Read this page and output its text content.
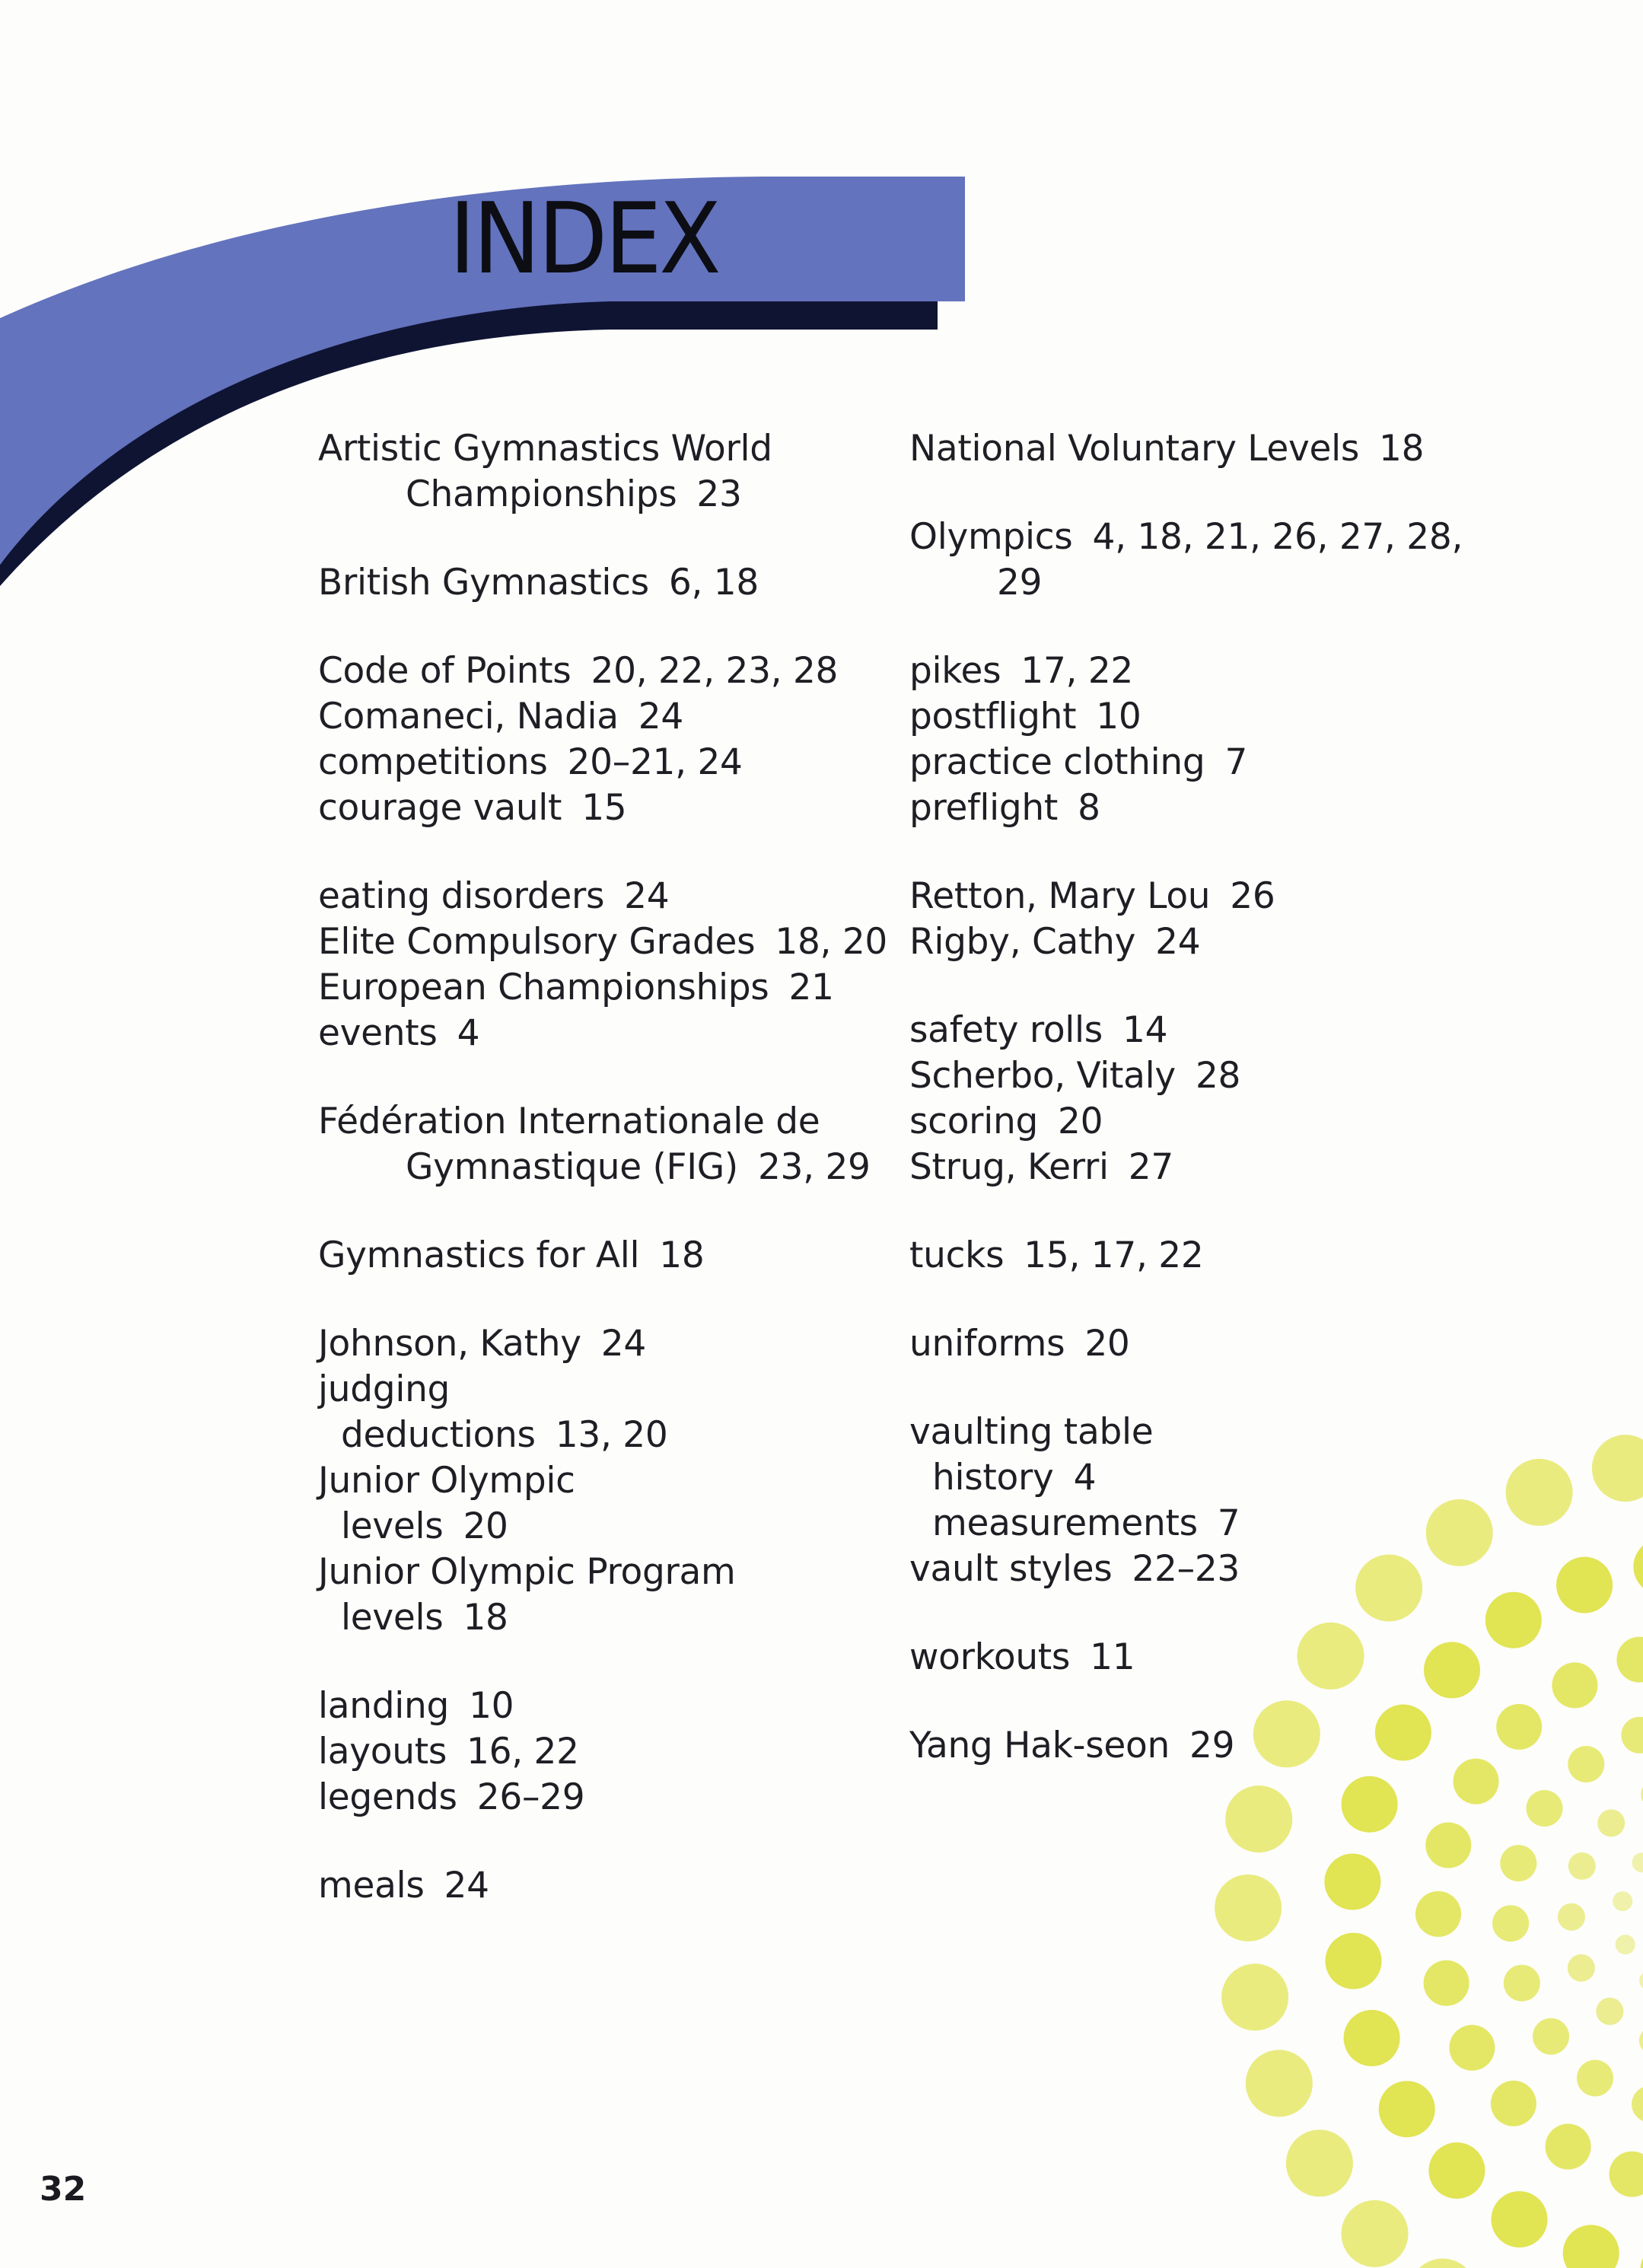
INDEX

Artistic Gymnastics World Championships 23

British Gymnastics 6, 18

Code of Points 20, 22, 23, 28

Comaneci, Nadia 24

competitions 20–21, 24

courage vault 15

eating disorders 24

Elite Compulsory Grades 18, 20

European Championships 21

events 4

Fédération Internationale de Gymnastique (FIG) 23, 29

Gymnastics for All 18

Johnson, Kathy 24

judging

deductions 13, 20

Junior Olympic

levels 20

Junior Olympic Program

levels 18

landing 10

layouts 16, 22

legends 26–29

meals 24

National Voluntary Levels 18

Olympics 4, 18, 21, 26, 27, 28, 29

pikes 17, 22

postflight 10

practice clothing 7

preflight 8

Retton, Mary Lou 26

Rigby, Cathy 24

safety rolls 14

Scherbo, Vitaly 28

scoring 20

Strug, Kerri 27

tucks 15, 17, 22

uniforms 20

vaulting table

history 4

measurements 7

vault styles 22–23

workouts 11

Yang Hak-seon 29

32
